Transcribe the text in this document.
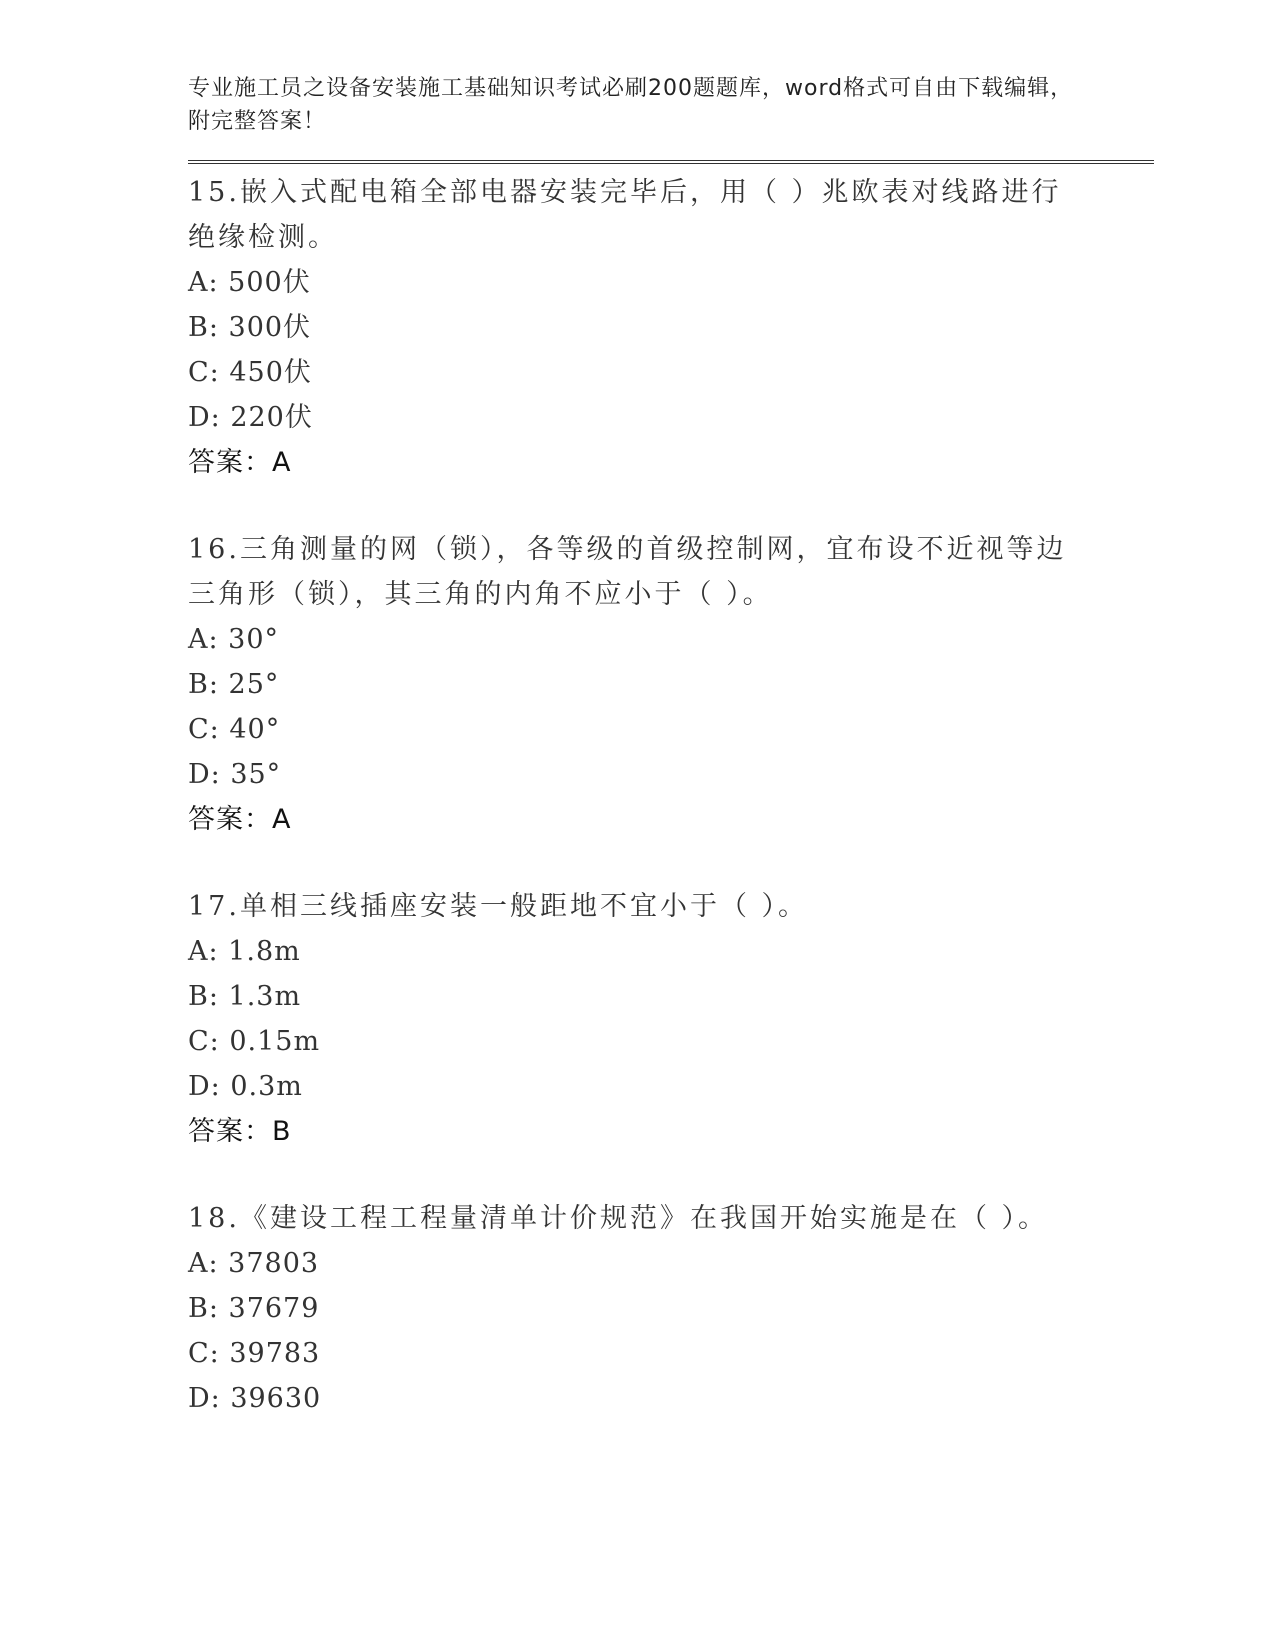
专业施工员之设备安装施工基础知识考试必刷200题题库，word格式可自由下载编辑，附完整答案！
15.嵌入式配电箱全部电器安装完毕后，用（ ）兆欧表对线路进行绝缘检测。
A: 500伏
B: 300伏
C: 450伏
D: 220伏
答案：A
16.三角测量的网（锁），各等级的首级控制网，宜布设不近视等边三角形（锁），其三角的内角不应小于（ ）。
A: 30°
B: 25°
C: 40°
D: 35°
答案：A
17.单相三线插座安装一般距地不宜小于（ ）。
A: 1.8m
B: 1.3m
C: 0.15m
D: 0.3m
答案：B
18.《建设工程工程量清单计价规范》在我国开始实施是在（ ）。
A: 37803
B: 37679
C: 39783
D: 39630
